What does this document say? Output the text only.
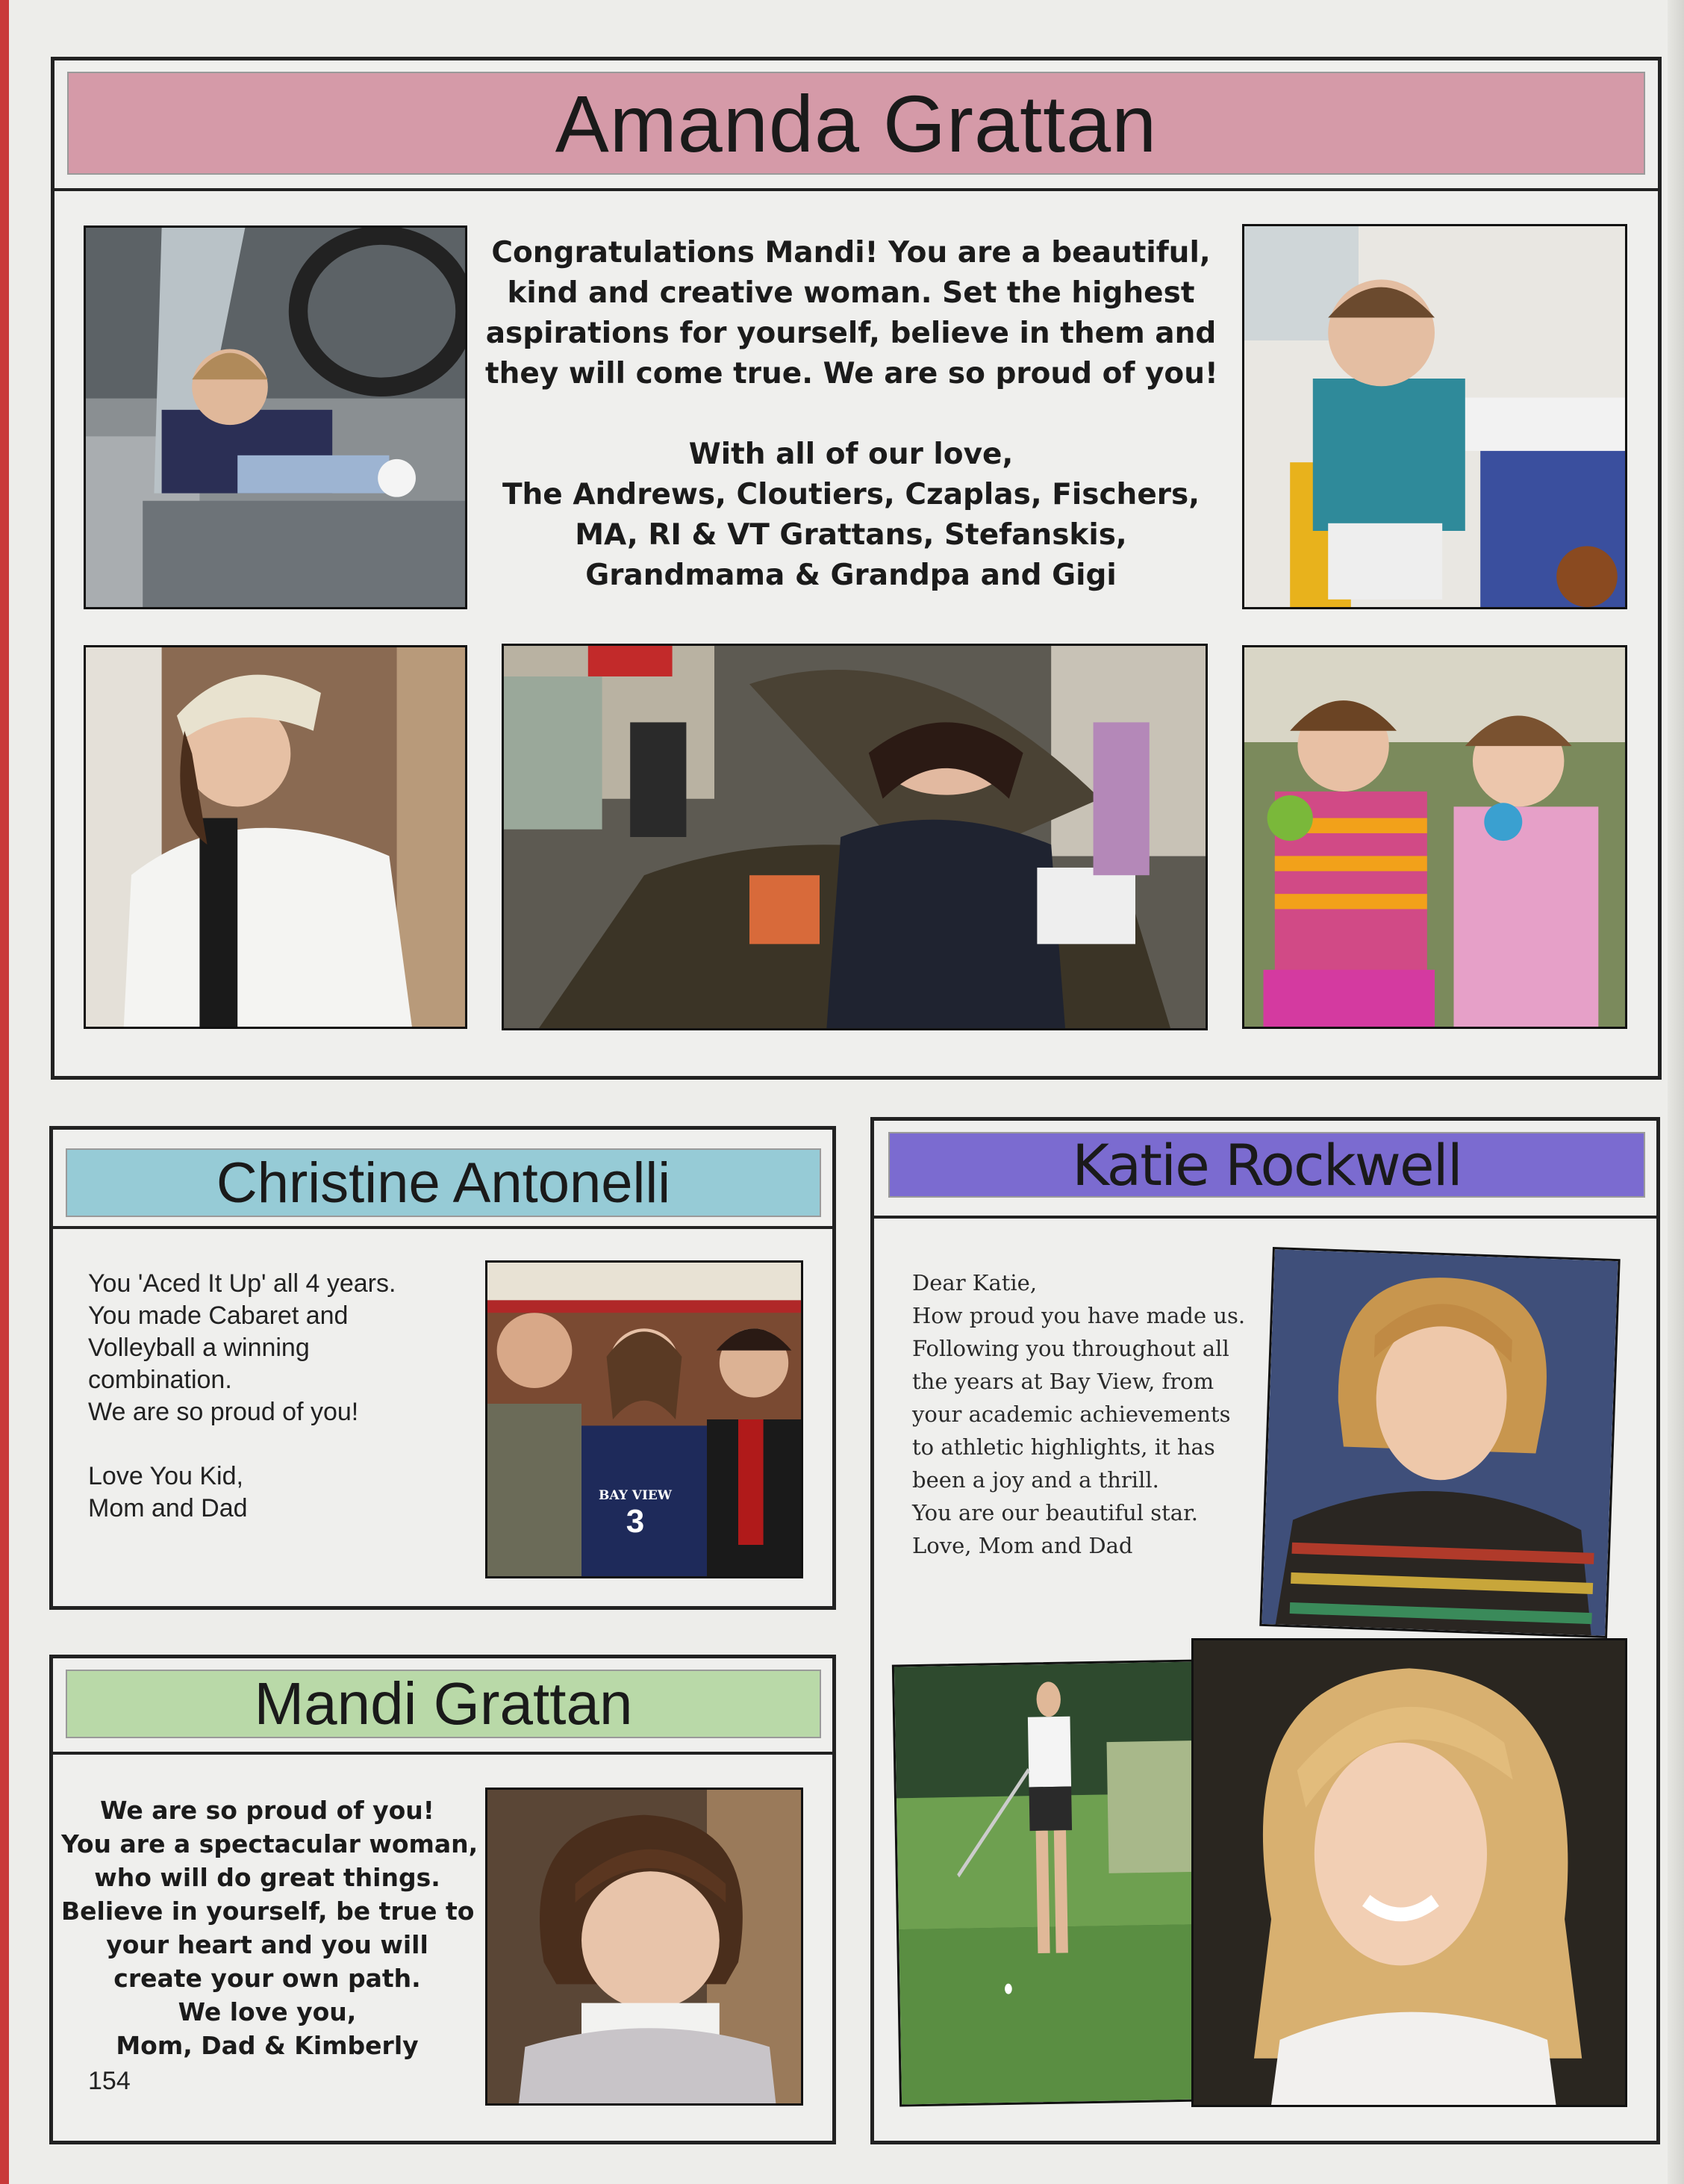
Amanda Grattan
Congratulations Mandi! You are a beautiful,
kind and creative woman. Set the highest
aspirations for yourself, believe in them and
they will come true. We are so proud of you!
With all of our love,
The Andrews, Cloutiers, Czaplas, Fischers,
MA, RI & VT Grattans, Stefanskis,
Grandmama & Grandpa and Gigi
Christine Antonelli
You 'Aced It Up' all 4 years.
You made Cabaret and
Volleyball a winning
combination.
We are so proud of you!
Love You Kid,
Mom and Dad	BAY VIEW
3
Mandi Grattan
We are so proud of you!
You are a spectacular woman,
who will do great things.
Believe in yourself, be true to
your heart and you will
create your own path.
We love you,
Mom, Dad & Kimberly
154
Katie Rockwell
Dear Katie,
How proud you have made us.
Following you throughout all
the years at Bay View, from
your academic achievements
to athletic highlights, it has
been a joy and a thrill.
You are our beautiful star.
Love, Mom and Dad
